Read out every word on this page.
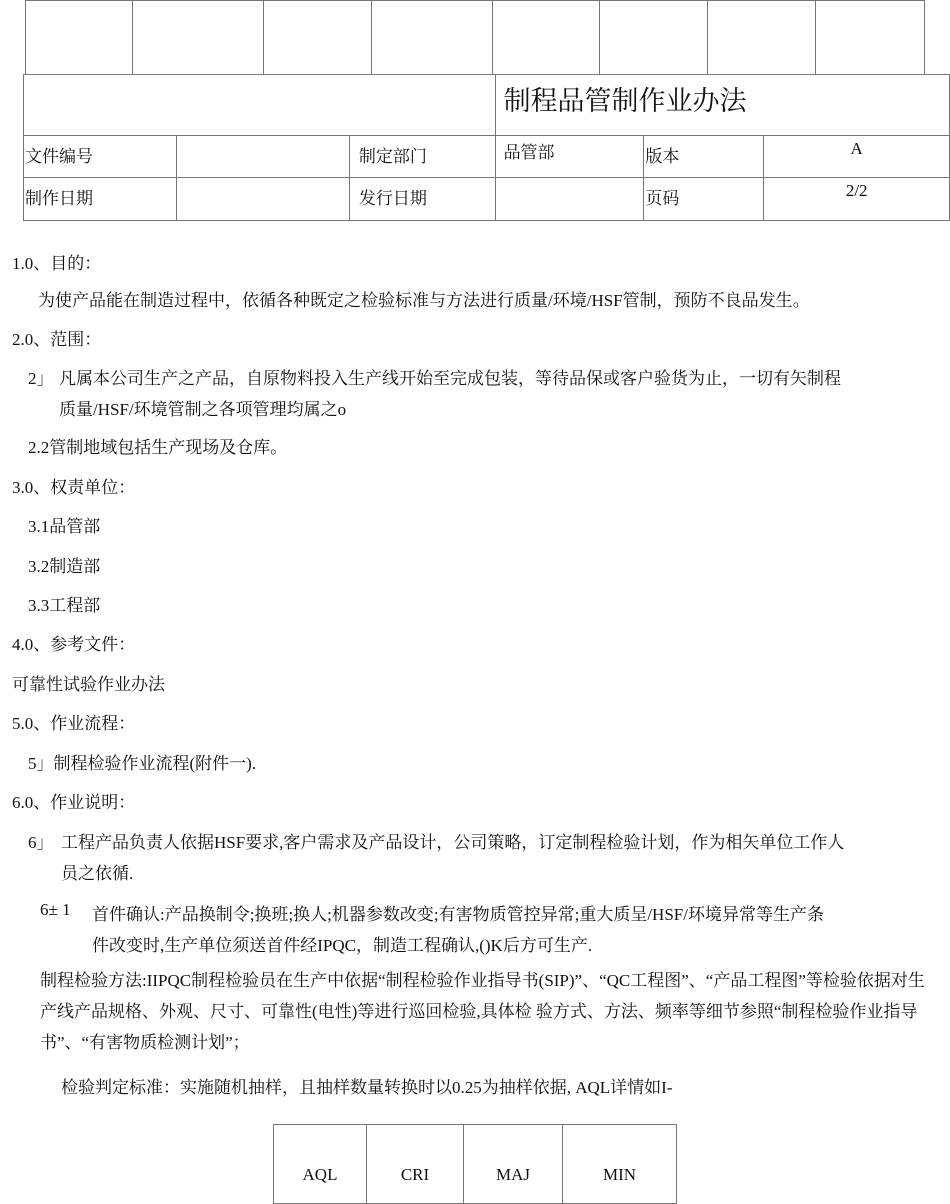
			制程品管制作业办法		
文件编号		制定部门	品管部	版本	A
制作日期		发行日期		页码	2/2
1.0、目的：
为使产品能在制造过程中，依循各种既定之检验标准与方法进行质量/环境/HSF管制，预防不良品发生。
2.0、范围：
2」 凡属本公司生产之产品，自原物料投入生产线开始至完成包装，等待品保或客户验货为止，一切有矢制程
质量/HSF/环境管制之各项管理均属之o
2.2管制地域包括生产现场及仓库。
3.0、权责单位：
3.1品管部
3.2制造部
3.3工程部
4.0、参考文件：
可靠性试验作业办法
5.0、作业流程：
5」制程检验作业流程(附件一).
6.0、作业说明：
6」 工程产品负责人依据HSF要求,客户需求及产品设计，公司策略，订定制程检验计划，作为相矢单位工作人
员之依循.
6± 1 首件确认:产品换制令;换班;换人;机器参数改变;有害物质管控异常;重大质呈/HSF/环境异常等生产条
件改变时,生产单位须送首件经IPQC，制造工程确认,()K后方可生产.
制程检验方法:IIPQC制程检验员在生产中依据“制程检验作业指导书(SIP)”、“QC工程图”、“产品工程图”等检验依据对生产线产品规格、外观、尺寸、可靠性(电性)等进行巡回检验,具体检 验方式、方法、频率等细节参照“制程检验作业指导书”、“有害物质检测计划”；
检验判定标准：实施随机抽样，且抽样数量转换时以0.25为抽样依据, AQL详情如I-
AQL	CRI	MAJ	MIN
